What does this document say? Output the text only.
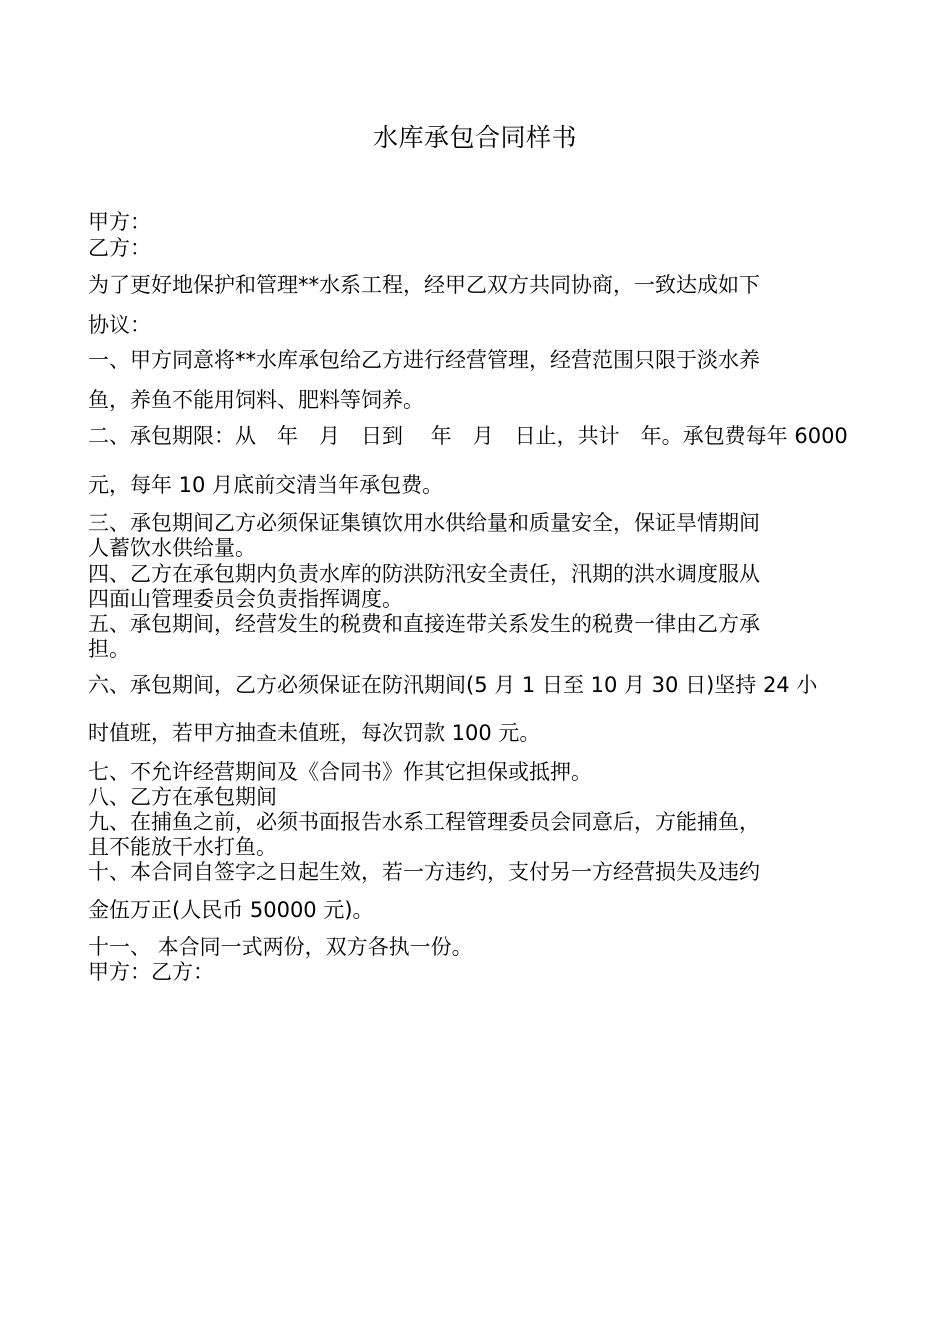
水库承包合同样书
甲方：
乙方：
为了更好地保护和管理**水系工程，经甲乙双方共同协商，一致达成如下
协议：
一、甲方同意将**水库承包给乙方进行经营管理，经营范围只限于淡水养
鱼，养鱼不能用饲料、肥料等饲养。
二、承包期限：从　年　月　日到　 年　月　日止，共计　年。承包费每年 6000
元，每年 10 月底前交清当年承包费。
三、承包期间乙方必须保证集镇饮用水供给量和质量安全，保证旱情期间
人蓄饮水供给量。
四、乙方在承包期内负责水库的防洪防汛安全责任，汛期的洪水调度服从
四面山管理委员会负责指挥调度。
五、承包期间，经营发生的税费和直接连带关系发生的税费一律由乙方承
担。
六、承包期间，乙方必须保证在防汛期间(5 月 1 日至 10 月 30 日)坚持 24 小
时值班，若甲方抽查未值班，每次罚款 100 元。
七、不允许经营期间及《合同书》作其它担保或抵押。
八、乙方在承包期间
九、在捕鱼之前，必须书面报告水系工程管理委员会同意后，方能捕鱼，
且不能放干水打鱼。
十、本合同自签字之日起生效，若一方违约，支付另一方经营损失及违约
金伍万正(人民币 50000 元)。
十一、 本合同一式两份，双方各执一份。
甲方：乙方：
